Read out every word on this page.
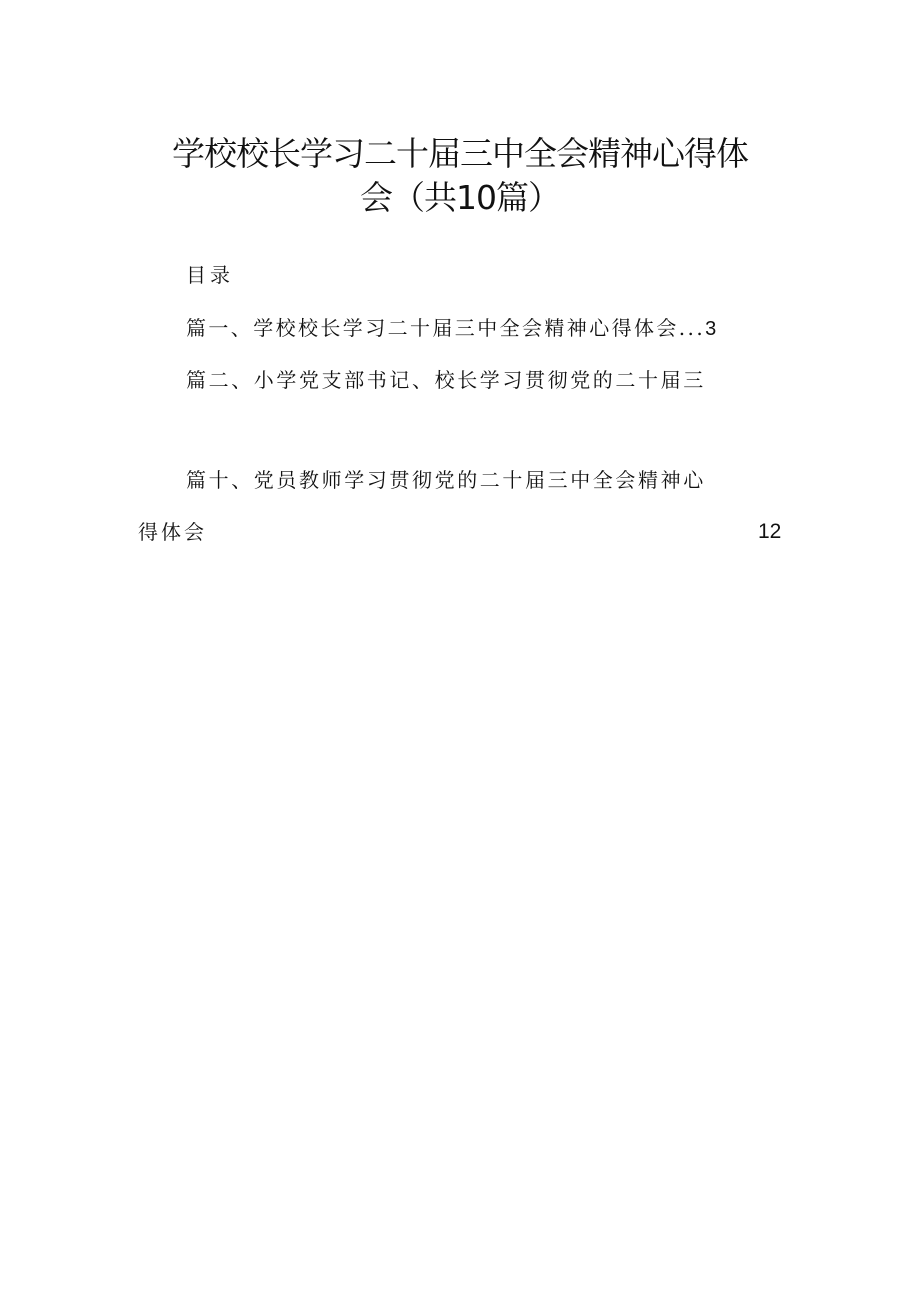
学校校长学习二十届三中全会精神心得体
会（共10篇）
目录
篇一、学校校长学习二十届三中全会精神心得体会...3
篇二、小学党支部书记、校长学习贯彻党的二十届三
篇十、党员教师学习贯彻党的二十届三中全会精神心
得体会	12
